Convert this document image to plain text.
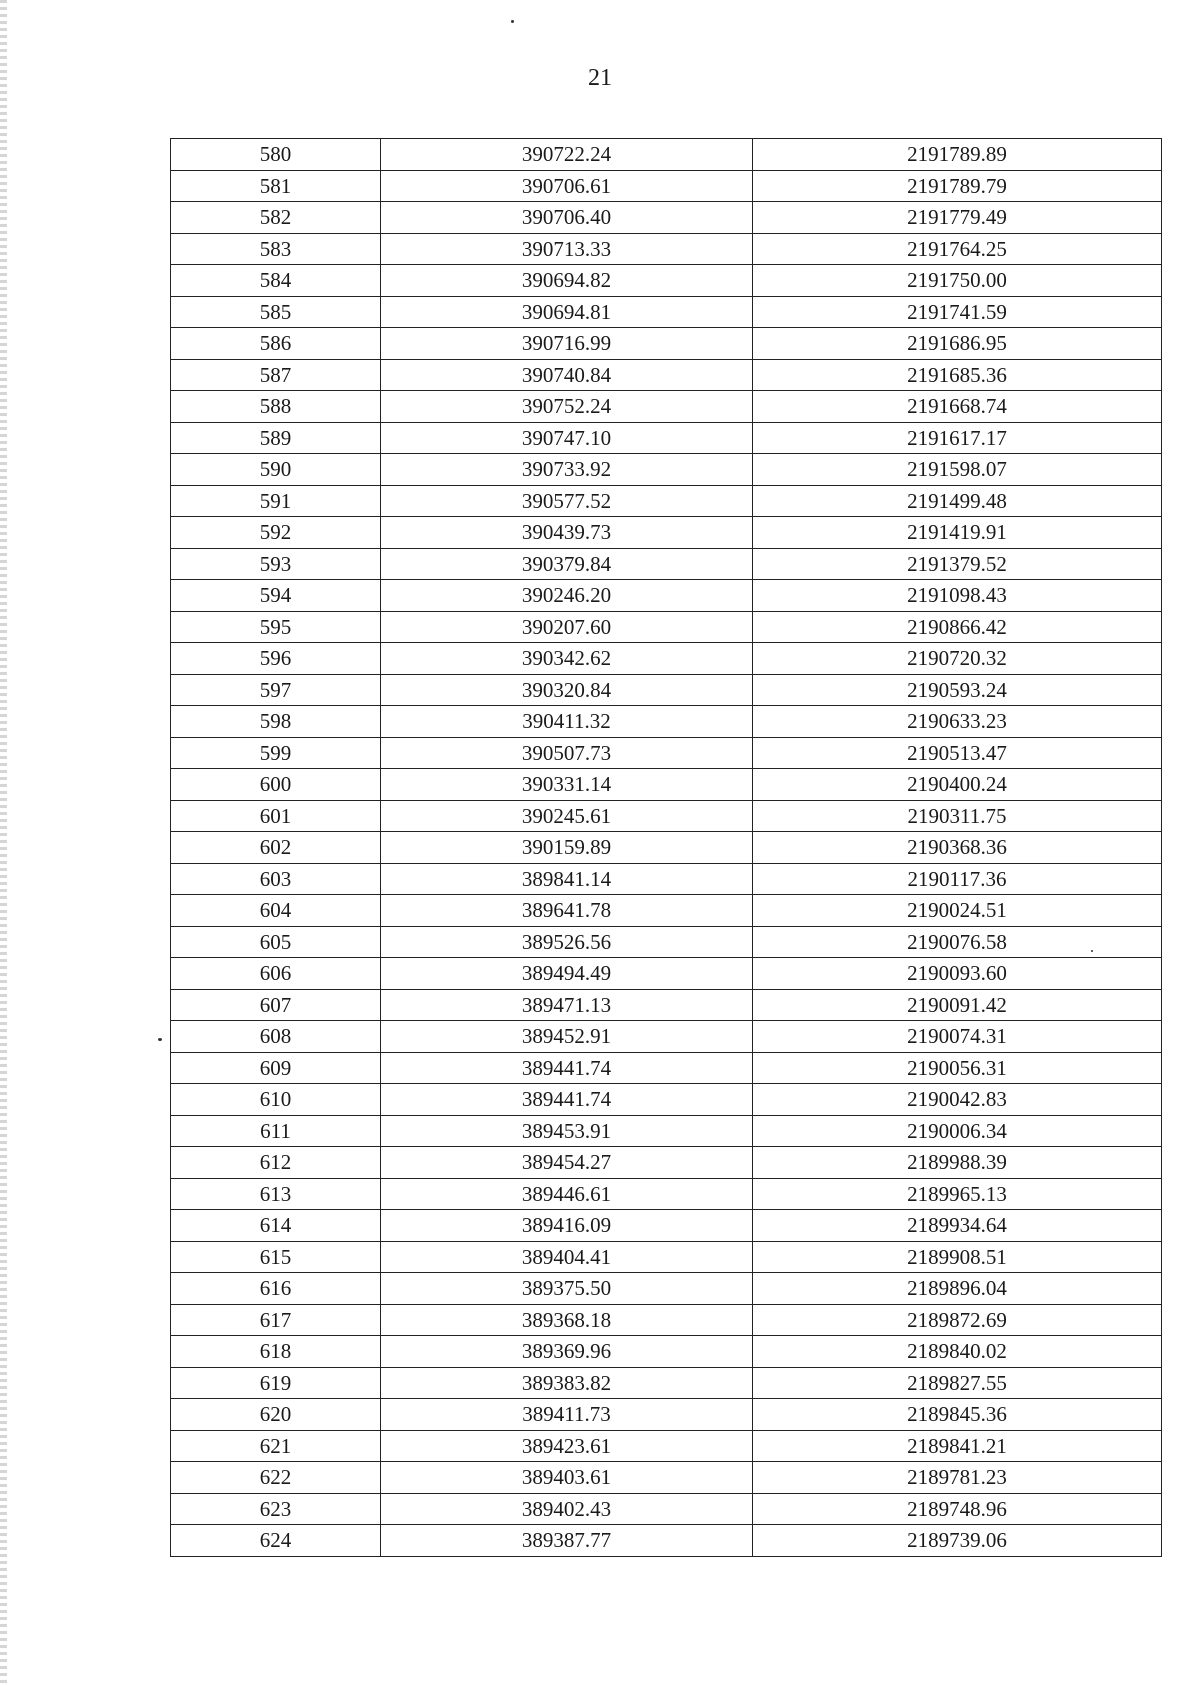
21
580	390722.24	2191789.89
581	390706.61	2191789.79
582	390706.40	2191779.49
583	390713.33	2191764.25
584	390694.82	2191750.00
585	390694.81	2191741.59
586	390716.99	2191686.95
587	390740.84	2191685.36
588	390752.24	2191668.74
589	390747.10	2191617.17
590	390733.92	2191598.07
591	390577.52	2191499.48
592	390439.73	2191419.91
593	390379.84	2191379.52
594	390246.20	2191098.43
595	390207.60	2190866.42
596	390342.62	2190720.32
597	390320.84	2190593.24
598	390411.32	2190633.23
599	390507.73	2190513.47
600	390331.14	2190400.24
601	390245.61	2190311.75
602	390159.89	2190368.36
603	389841.14	2190117.36
604	389641.78	2190024.51
605	389526.56	2190076.58
606	389494.49	2190093.60
607	389471.13	2190091.42
608	389452.91	2190074.31
609	389441.74	2190056.31
610	389441.74	2190042.83
611	389453.91	2190006.34
612	389454.27	2189988.39
613	389446.61	2189965.13
614	389416.09	2189934.64
615	389404.41	2189908.51
616	389375.50	2189896.04
617	389368.18	2189872.69
618	389369.96	2189840.02
619	389383.82	2189827.55
620	389411.73	2189845.36
621	389423.61	2189841.21
622	389403.61	2189781.23
623	389402.43	2189748.96
624	389387.77	2189739.06
